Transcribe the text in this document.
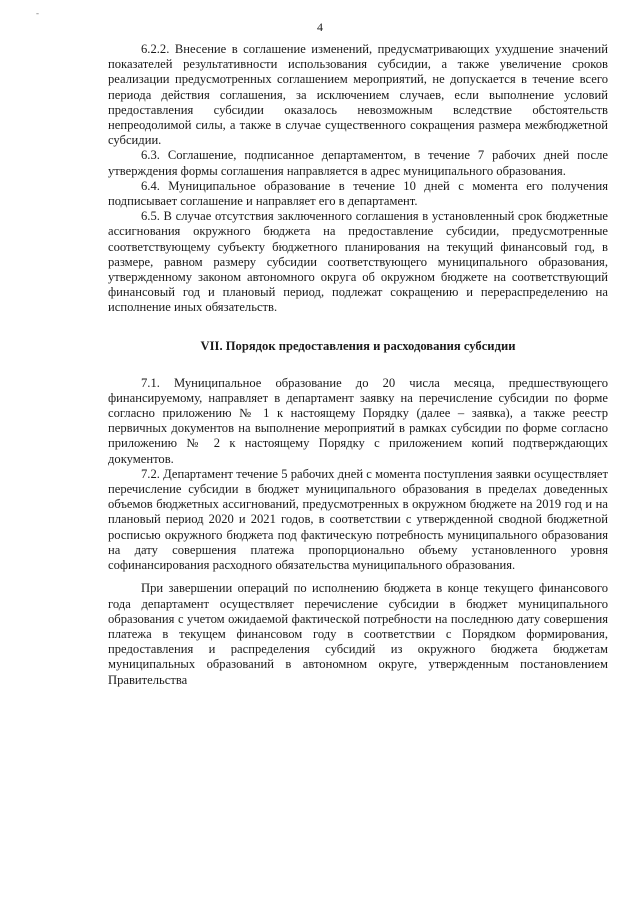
-
4

6.2.2. Внесение в соглашение изменений, предусматривающих ухудшение значений показателей результативности использования субсидии, а также увеличение сроков реализации предусмотренных соглашением мероприятий, не допускается в течение всего периода действия соглашения, за исключением случаев, если выполнение условий предоставления субсидии оказалось невозможным вследствие обстоятельств непреодолимой силы, а также в случае существенного сокращения размера межбюджетной субсидии.

6.3. Соглашение, подписанное департаментом, в течение 7 рабочих дней после утверждения формы соглашения направляется в адрес муниципального образования.

6.4. Муниципальное образование в течение 10 дней с момента его получения подписывает соглашение и направляет его в департамент.

6.5. В случае отсутствия заключенного соглашения в установленный срок бюджетные ассигнования окружного бюджета на предоставление субсидии, предусмотренные соответствующему субъекту бюджетного планирования на текущий финансовый год, в размере, равном размеру субсидии соответствующего муниципального образования, утвержденному законом автономного округа об окружном бюджете на соответствующий финансовый год и плановый период, подлежат сокращению и перераспределению на исполнение иных обязательств.

VII. Порядок предоставления и расходования субсидии

7.1. Муниципальное образование до 20 числа месяца, предшествующего финансируемому, направляет в департамент заявку на перечисление субсидии по форме согласно приложению № 1 к настоящему Порядку (далее – заявка), а также реестр первичных документов на выполнение мероприятий в рамках субсидии по форме согласно приложению № 2 к настоящему Порядку с приложением копий подтверждающих документов.

7.2. Департамент течение 5 рабочих дней с момента поступления заявки осуществляет перечисление субсидии в бюджет муниципального образования в пределах доведенных объемов бюджетных ассигнований, предусмотренных в окружном бюджете на 2019 год и на плановый период 2020 и 2021 годов, в соответствии с утвержденной сводной бюджетной росписью окружного бюджета под фактическую потребность муниципального образования на дату совершения платежа пропорционально объему установленного уровня софинансирования расходного обязательства муниципального образования.

При завершении операций по исполнению бюджета в конце текущего финансового года департамент осуществляет перечисление субсидии в бюджет муниципального образования с учетом ожидаемой фактической потребности на последнюю дату совершения платежа в текущем финансовом году в соответствии с Порядком формирования, предоставления и распределения субсидий из окружного бюджета бюджетам муниципальных образований в автономном округе, утвержденным постановлением Правительства
